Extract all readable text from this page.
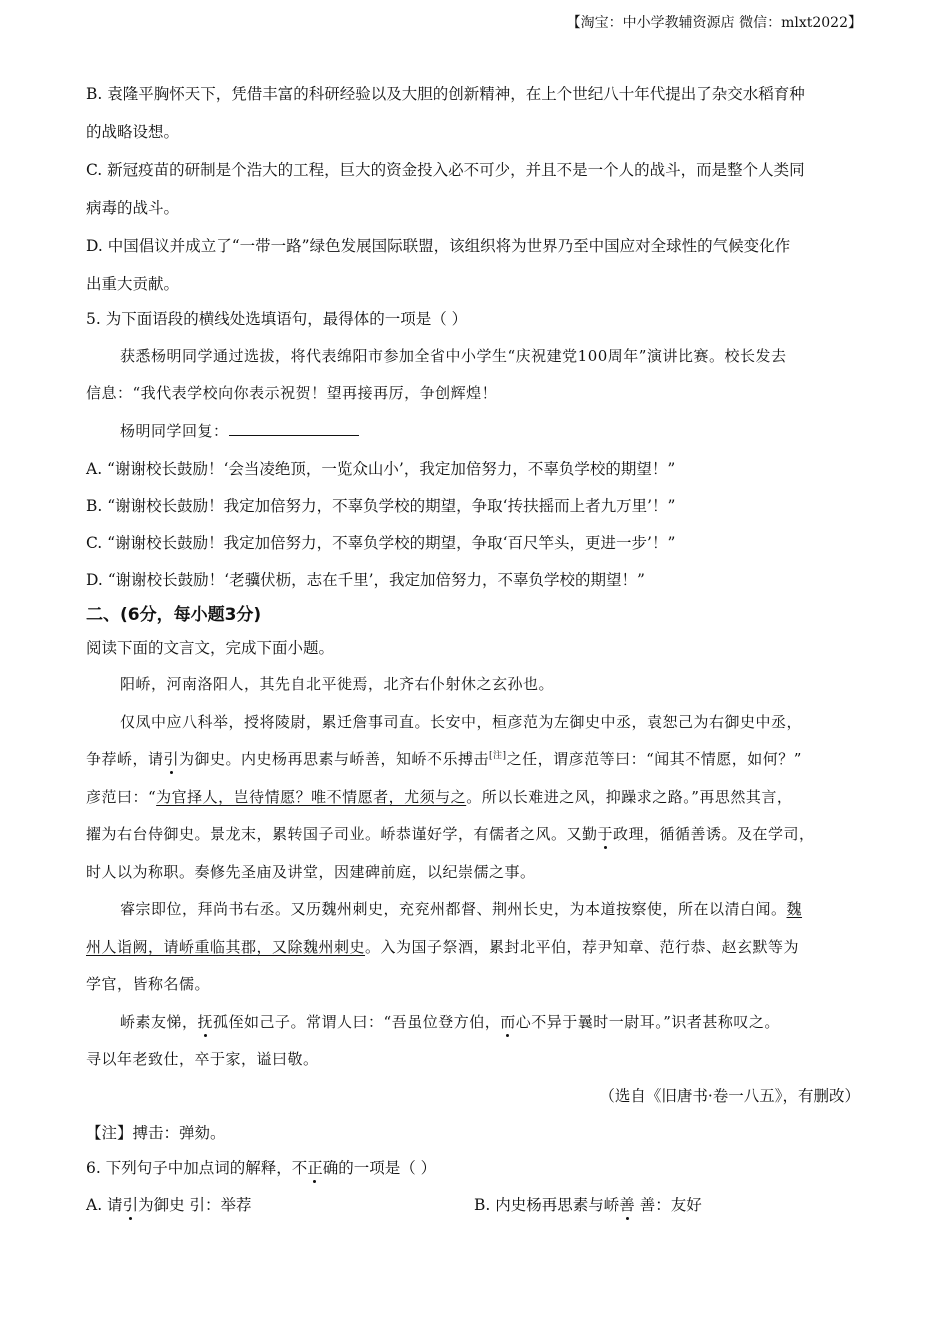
【淘宝：中小学教辅资源店 微信：mlxt2022】
B. 袁隆平胸怀天下，凭借丰富的科研经验以及大胆的创新精神，在上个世纪八十年代提出了杂交水稻育种
的战略设想。
C. 新冠疫苗的研制是个浩大的工程，巨大的资金投入必不可少，并且不是一个人的战斗，而是整个人类同
病毒的战斗。
D. 中国倡议并成立了“一带一路”绿色发展国际联盟，该组织将为世界乃至中国应对全球性的气候变化作
出重大贡献。
5. 为下面语段的横线处选填语句，最得体的一项是（ ）
获悉杨明同学通过选拔，将代表绵阳市参加全省中小学生“庆祝建党100周年”演讲比赛。校长发去
信息：“我代表学校向你表示祝贺！望再接再厉，争创辉煌！
杨明同学回复：
A. “谢谢校长鼓励！‘会当凌绝顶，一览众山小’，我定加倍努力，不辜负学校的期望！”
B. “谢谢校长鼓励！我定加倍努力，不辜负学校的期望，争取‘抟扶摇而上者九万里’！”
C. “谢谢校长鼓励！我定加倍努力，不辜负学校的期望，争取‘百尺竿头，更进一步’！”
D. “谢谢校长鼓励！‘老骥伏枥，志在千里’，我定加倍努力，不辜负学校的期望！”
二、(6分，每小题3分)
阅读下面的文言文，完成下面小题。
阳峤，河南洛阳人，其先自北平徙焉，北齐右仆射休之玄孙也。
仅凤中应八科举，授将陵尉，累迁詹事司直。长安中，桓彦范为左御史中丞，袁恕己为右御史中丞，
争荐峤，请引为御史。内史杨再思素与峤善，知峤不乐搏击[注]之任，谓彦范等曰：“闻其不情愿，如何？”
彦范曰：“为官择人，岂待情愿？唯不情愿者，尤须与之。所以长难进之风，抑躁求之路。”再思然其言，
擢为右台侍御史。景龙末，累转国子司业。峤恭谨好学，有儒者之风。又勤于政理，循循善诱。及在学司，
时人以为称职。奏修先圣庙及讲堂，因建碑前庭，以纪崇儒之事。
睿宗即位，拜尚书右丞。又历魏州刺史，充兖州都督、荆州长史，为本道按察使，所在以清白闻。魏
州人诣阙，请峤重临其郡，又除魏州刺史。入为国子祭酒，累封北平伯，荐尹知章、范行恭、赵玄默等为
学官，皆称名儒。
峤素友悌，抚孤侄如己子。常谓人曰：“吾虽位登方伯，而心不异于曩时一尉耳。”识者甚称叹之。
寻以年老致仕，卒于家，谥曰敬。
（选自《旧唐书·卷一八五》，有删改）
【注】搏击：弹劾。
6. 下列句子中加点词的解释，不正确的一项是（ ）
A. 请引为御史 引：举荐	B. 内史杨再思素与峤善 善：友好
